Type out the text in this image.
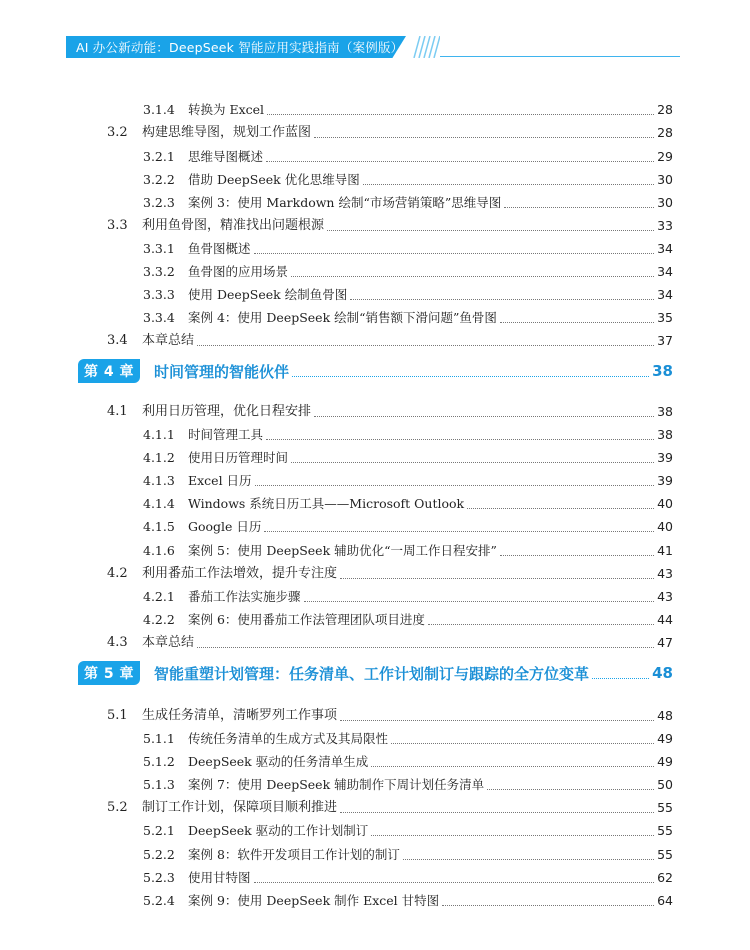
AI 办公新动能：DeepSeek 智能应用实践指南（案例版）
3.1.4	转换为 Excel	28
3.2	构建思维导图，规划工作蓝图	28
3.2.1	思维导图概述	29
3.2.2	借助 DeepSeek 优化思维导图	30
3.2.3	案例 3：使用 Markdown 绘制“市场营销策略”思维导图	30
3.3	利用鱼骨图，精准找出问题根源	33
3.3.1	鱼骨图概述	34
3.3.2	鱼骨图的应用场景	34
3.3.3	使用 DeepSeek 绘制鱼骨图	34
3.3.4	案例 4：使用 DeepSeek 绘制“销售额下滑问题”鱼骨图	35
3.4	本章总结	37
第 4 章	时间管理的智能伙伴	38
4.1	利用日历管理，优化日程安排	38
4.1.1	时间管理工具	38
4.1.2	使用日历管理时间	39
4.1.3	Excel 日历	39
4.1.4	Windows 系统日历工具——Microsoft Outlook	40
4.1.5	Google 日历	40
4.1.6	案例 5：使用 DeepSeek 辅助优化“一周工作日程安排”	41
4.2	利用番茄工作法增效，提升专注度	43
4.2.1	番茄工作法实施步骤	43
4.2.2	案例 6：使用番茄工作法管理团队项目进度	44
4.3	本章总结	47
第 5 章	智能重塑计划管理：任务清单、工作计划制订与跟踪的全方位变革	48
5.1	生成任务清单，清晰罗列工作事项	48
5.1.1	传统任务清单的生成方式及其局限性	49
5.1.2	DeepSeek 驱动的任务清单生成	49
5.1.3	案例 7：使用 DeepSeek 辅助制作下周计划任务清单	50
5.2	制订工作计划，保障项目顺利推进	55
5.2.1	DeepSeek 驱动的工作计划制订	55
5.2.2	案例 8：软件开发项目工作计划的制订	55
5.2.3	使用甘特图	62
5.2.4	案例 9：使用 DeepSeek 制作 Excel 甘特图	64
